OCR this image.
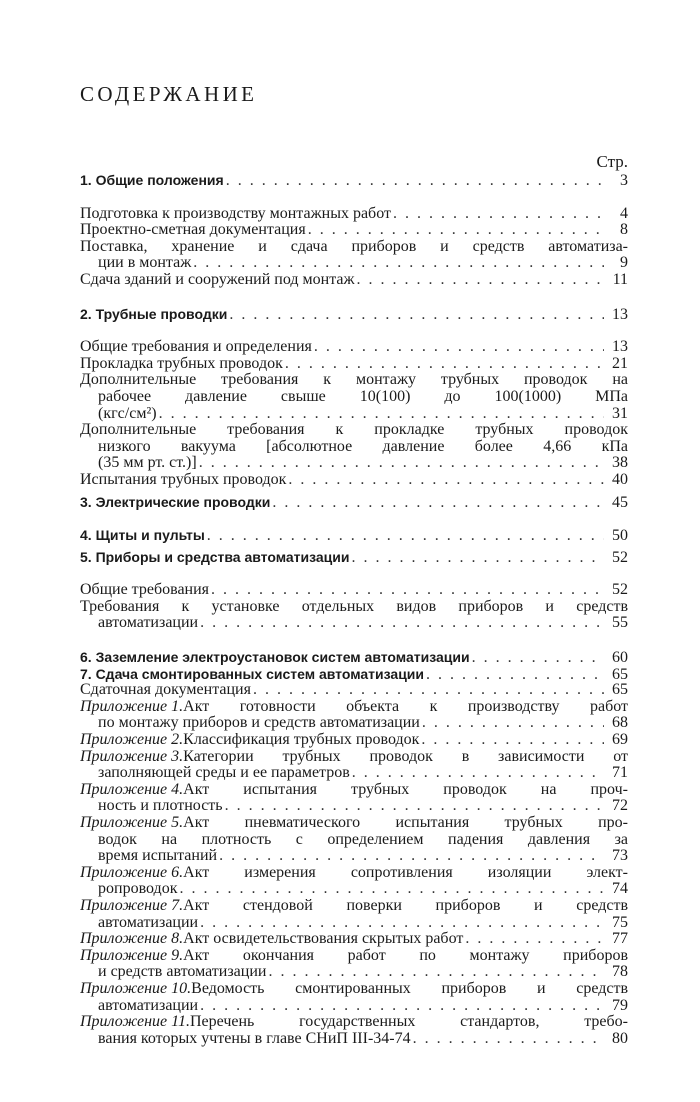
СОДЕРЖАНИЕ
Стр.
1. Общие положения . . .	3
Подготовка к производству монтажных работ . . .	4
Проектно-сметная документация . . .	8
Поставка, хранение и сдача приборов и средств автоматиза-
ции в монтаж . . .	9
Сдача зданий и сооружений под монтаж . . .	11
2. Трубные проводки . . .	13
Общие требования и определения . . .	13
Прокладка трубных проводок . . .	21
Дополнительные требования к монтажу трубных проводок на
рабочее давление свыше 10(100) до 100(1000) МПа
(кгс/см²) . . .	31
Дополнительные требования к прокладке трубных проводок
низкого вакуума [абсолютное давление более 4,66 кПа
(35 мм рт. ст.)] . . .	38
Испытания трубных проводок . . .	40
3. Электрические проводки . . .	45
4. Щиты и пульты . . .	50
5. Приборы и средства автоматизации . . .	52
Общие требования . . .	52
Требования к установке отдельных видов приборов и средств
автоматизации . . .	55
6. Заземление электроустановок систем автоматизации . . .	60
7. Сдача смонтированных систем автоматизации . . .	65
Сдаточная документация . . .	65
Приложение 1. Акт готовности объекта к производству работ
по монтажу приборов и средств автоматизации . . .	68
Приложение 2. Классификация трубных проводок . . .	69
Приложение 3. Категории трубных проводок в зависимости от
заполняющей среды и ее параметров . . .	71
Приложение 4. Акт испытания трубных проводок на проч-
ность и плотность . . .	72
Приложение 5. Акт пневматического испытания трубных про-
водок на плотность с определением падения давления за
время испытаний . . .	73
Приложение 6. Акт измерения сопротивления изоляции элект-
ропроводок . . .	74
Приложение 7. Акт стендовой поверки приборов и средств
автоматизации . . .	75
Приложение 8. Акт освидетельствования скрытых работ . . .	77
Приложение 9. Акт окончания работ по монтажу приборов
и средств автоматизации . . .	78
Приложение 10. Ведомость смонтированных приборов и средств
автоматизации . . .	79
Приложение 11. Перечень государственных стандартов, требо-
вания которых учтены в главе СНиП III-34-74 . . .	80
